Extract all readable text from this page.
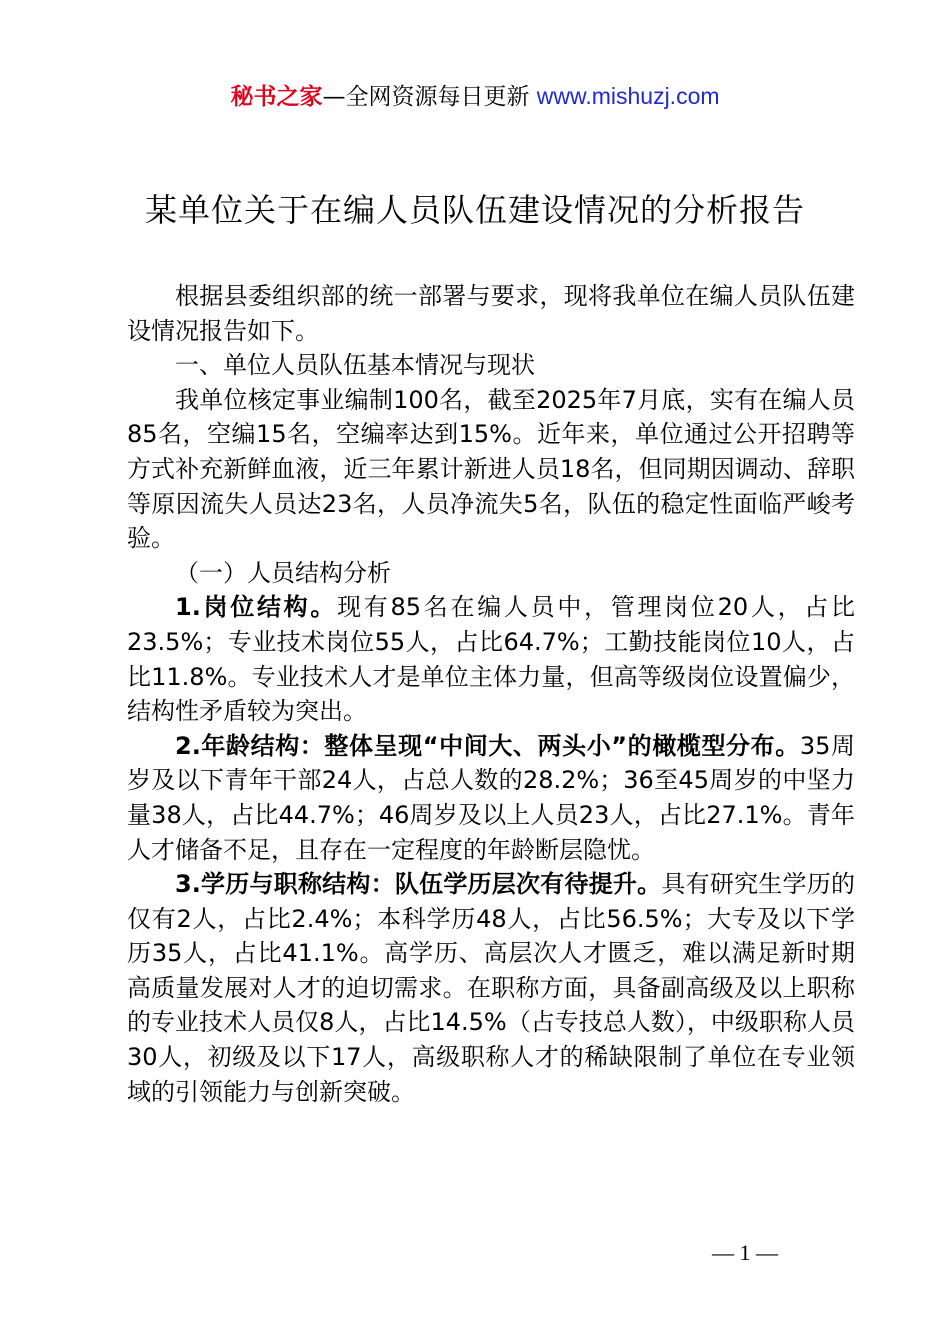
秘书之家—全网资源每日更新 www.mishuzj.com
某单位关于在编人员队伍建设情况的分析报告

根据县委组织部的统一部署与要求，现将我单位在编人员队伍建设情况报告如下。

一、单位人员队伍基本情况与现状

我单位核定事业编制100名，截至2025年7月底，实有在编人员85名，空编15名，空编率达到15%。近年来，单位通过公开招聘等方式补充新鲜血液，近三年累计新进人员18名，但同期因调动、辞职等原因流失人员达23名，人员净流失5名，队伍的稳定性面临严峻考验。

（一）人员结构分析

1.岗位结构。现有85名在编人员中，管理岗位20人，占比23.5%；专业技术岗位55人，占比64.7%；工勤技能岗位10人，占比11.8%。专业技术人才是单位主体力量，但高等级岗位设置偏少，结构性矛盾较为突出。

2.年龄结构：整体呈现“中间大、两头小”的橄榄型分布。35周岁及以下青年干部24人，占总人数的28.2%；36至45周岁的中坚力量38人，占比44.7%；46周岁及以上人员23人，占比27.1%。青年人才储备不足，且存在一定程度的年龄断层隐忧。

3.学历与职称结构：队伍学历层次有待提升。具有研究生学历的仅有2人，占比2.4%；本科学历48人，占比56.5%；大专及以下学历35人，占比41.1%。高学历、高层次人才匮乏，难以满足新时期高质量发展对人才的迫切需求。在职称方面，具备副高级及以上职称的专业技术人员仅8人，占比14.5%（占专技总人数），中级职称人员30人，初级及以下17人，高级职称人才的稀缺限制了单位在专业领域的引领能力与创新突破。

— 1 —
